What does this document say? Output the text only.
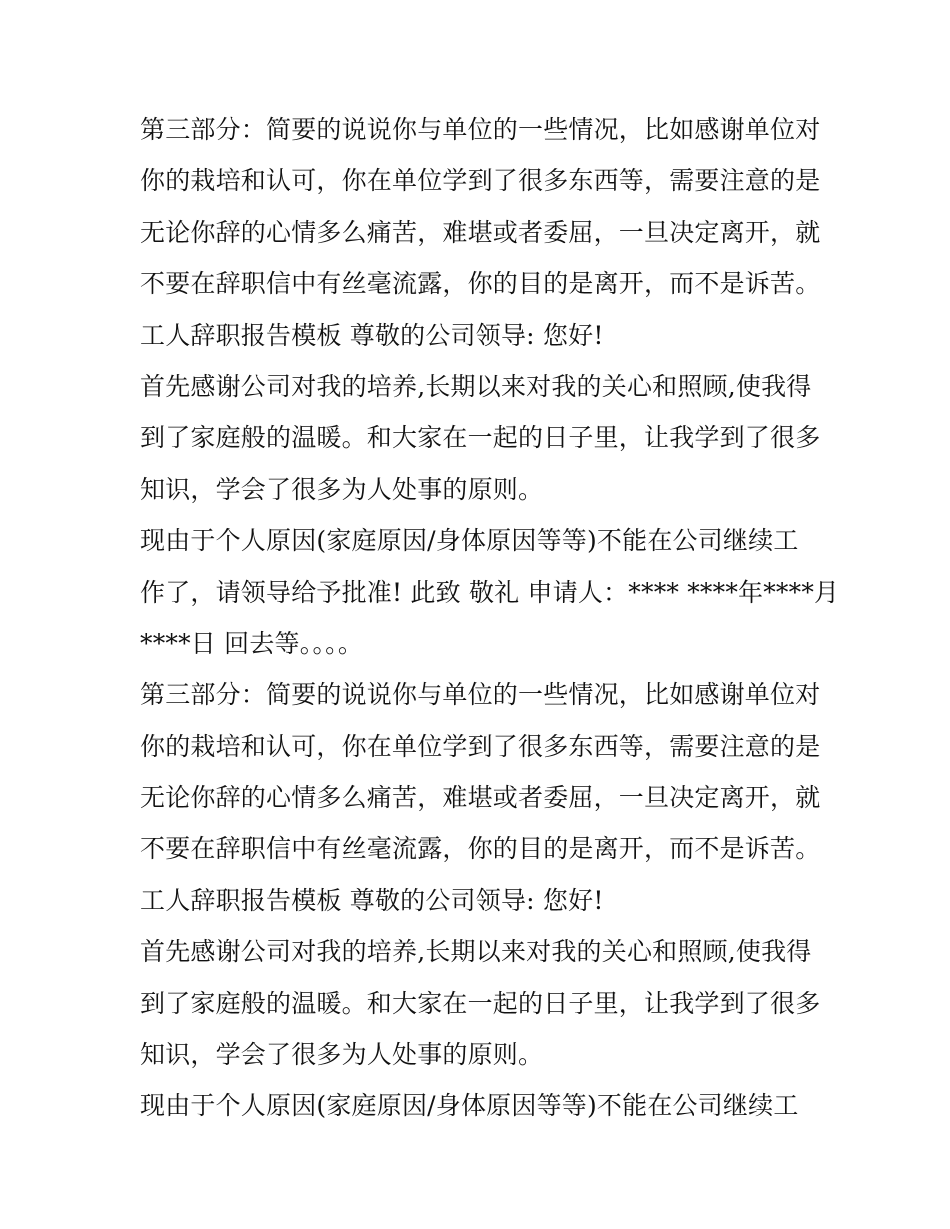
第三部分：简要的说说你与单位的一些情况，比如感谢单位对
你的栽培和认可，你在单位学到了很多东西等，需要注意的是
无论你辞的心情多么痛苦，难堪或者委屈，一旦决定离开，就
不要在辞职信中有丝毫流露，你的目的是离开，而不是诉苦。
工人辞职报告模板 尊敬的公司领导: 您好!
首先感谢公司对我的培养,长期以来对我的关心和照顾,使我得
到了家庭般的温暖。和大家在一起的日子里，让我学到了很多
知识，学会了很多为人处事的原则。
现由于个人原因(家庭原因/身体原因等等)不能在公司继续工
作了，请领导给予批准! 此致 敬礼 申请人：**** ****年****月
****日 回去等。。。。
第三部分：简要的说说你与单位的一些情况，比如感谢单位对
你的栽培和认可，你在单位学到了很多东西等，需要注意的是
无论你辞的心情多么痛苦，难堪或者委屈，一旦决定离开，就
不要在辞职信中有丝毫流露，你的目的是离开，而不是诉苦。
工人辞职报告模板 尊敬的公司领导: 您好!
首先感谢公司对我的培养,长期以来对我的关心和照顾,使我得
到了家庭般的温暖。和大家在一起的日子里，让我学到了很多
知识，学会了很多为人处事的原则。
现由于个人原因(家庭原因/身体原因等等)不能在公司继续工
